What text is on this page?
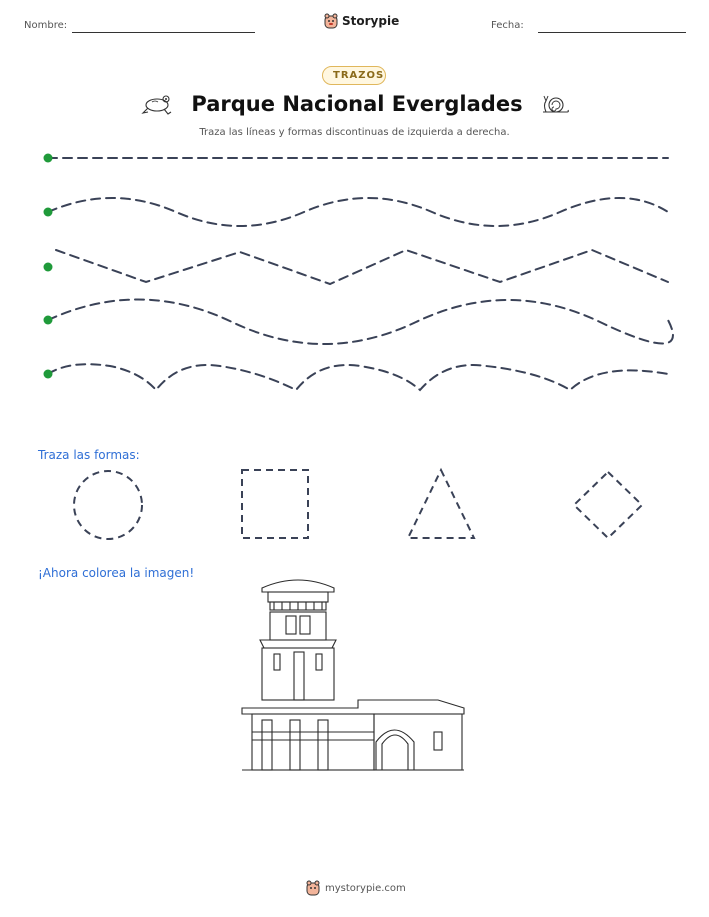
Nombre:	Storypie	Fecha:
TRAZOS
Parque Nacional Everglades
Traza las líneas y formas discontinuas de izquierda a derecha.
Traza las formas:
¡Ahora colorea la imagen!
mystorypie.com
